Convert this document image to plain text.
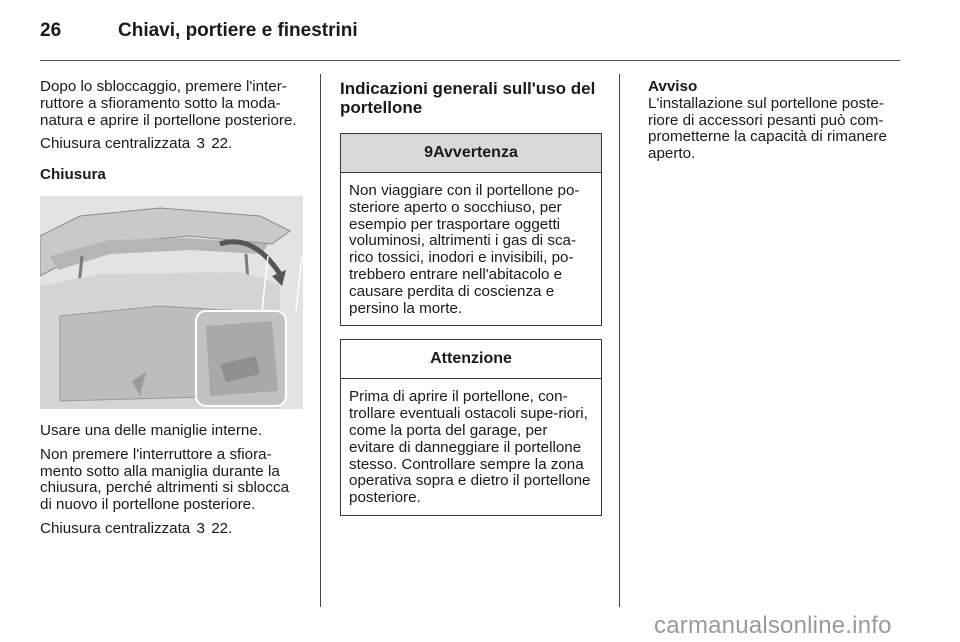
26	Chiavi, portiere e finestrini

Dopo lo sbloccaggio, premere l'inter-ruttore a sfioramento sotto la moda-natura e aprire il portellone posteriore.

Chiusura centralizzata 3 22.

Chiusura

Usare una delle maniglie interne.

Non premere l'interruttore a sfiora-mento sotto alla maniglia durante la chiusura, perché altrimenti si sblocca di nuovo il portellone posteriore.

Chiusura centralizzata 3 22.

Indicazioni generali sull'uso del portellone
9 Avvertenza
Non viaggiare con il portellone po-steriore aperto o socchiuso, per esempio per trasportare oggetti voluminosi, altrimenti i gas di sca-rico tossici, inodori e invisibili, po-trebbero entrare nell'abitacolo e causare perdita di coscienza e persino la morte.
Attenzione
Prima di aprire il portellone, con-trollare eventuali ostacoli supe-riori, come la porta del garage, per evitare di danneggiare il portellone stesso. Controllare sempre la zona operativa sopra e dietro il portellone posteriore.
Avviso
L'installazione sul portellone poste-riore di accessori pesanti può com-prometterne la capacità di rimanere aperto.
carmanualsonline.info
